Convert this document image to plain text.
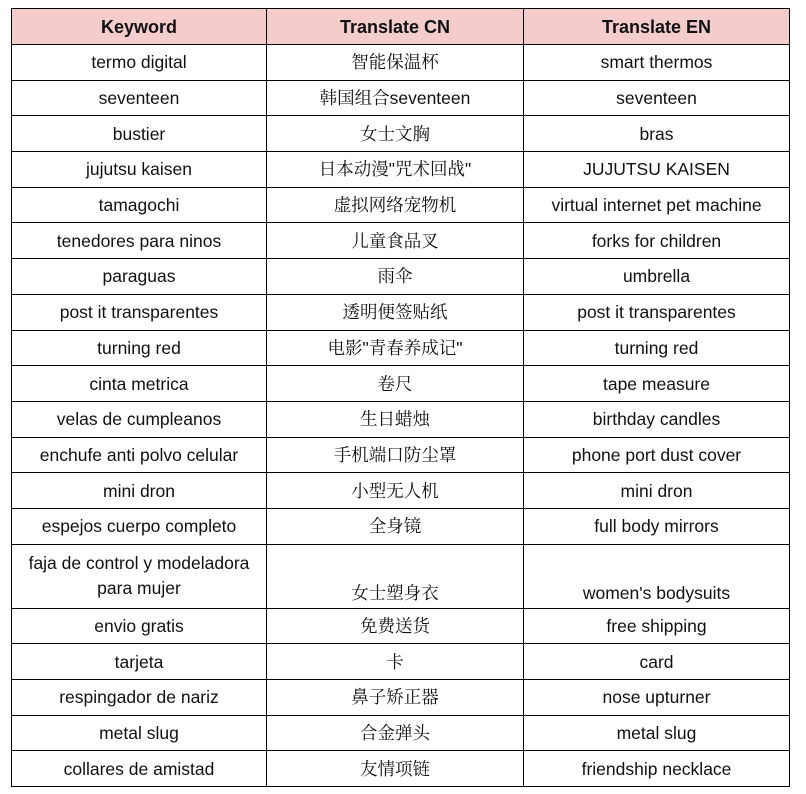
Keyword	Translate CN	Translate EN
termo digital	智能保温杯	smart thermos
seventeen	韩国组合seventeen	seventeen
bustier	女士文胸	bras
jujutsu kaisen	日本动漫"咒术回战"	JUJUTSU KAISEN
tamagochi	虚拟网络宠物机	virtual internet pet machine
tenedores para ninos	儿童食品叉	forks for children
paraguas	雨伞	umbrella
post it transparentes	透明便签贴纸	post it transparentes
turning red	电影"青春养成记"	turning red
cinta metrica	卷尺	tape measure
velas de cumpleanos	生日蜡烛	birthday candles
enchufe anti polvo celular	手机端口防尘罩	phone port dust cover
mini dron	小型无人机	mini dron
espejos cuerpo completo	全身镜	full body mirrors
faja de control y modeladora para mujer	女士塑身衣	women's bodysuits
envio gratis	免费送货	free shipping
tarjeta	卡	card
respingador de nariz	鼻子矫正器	nose upturner
metal slug	合金弹头	metal slug
collares de amistad	友情项链	friendship necklace
